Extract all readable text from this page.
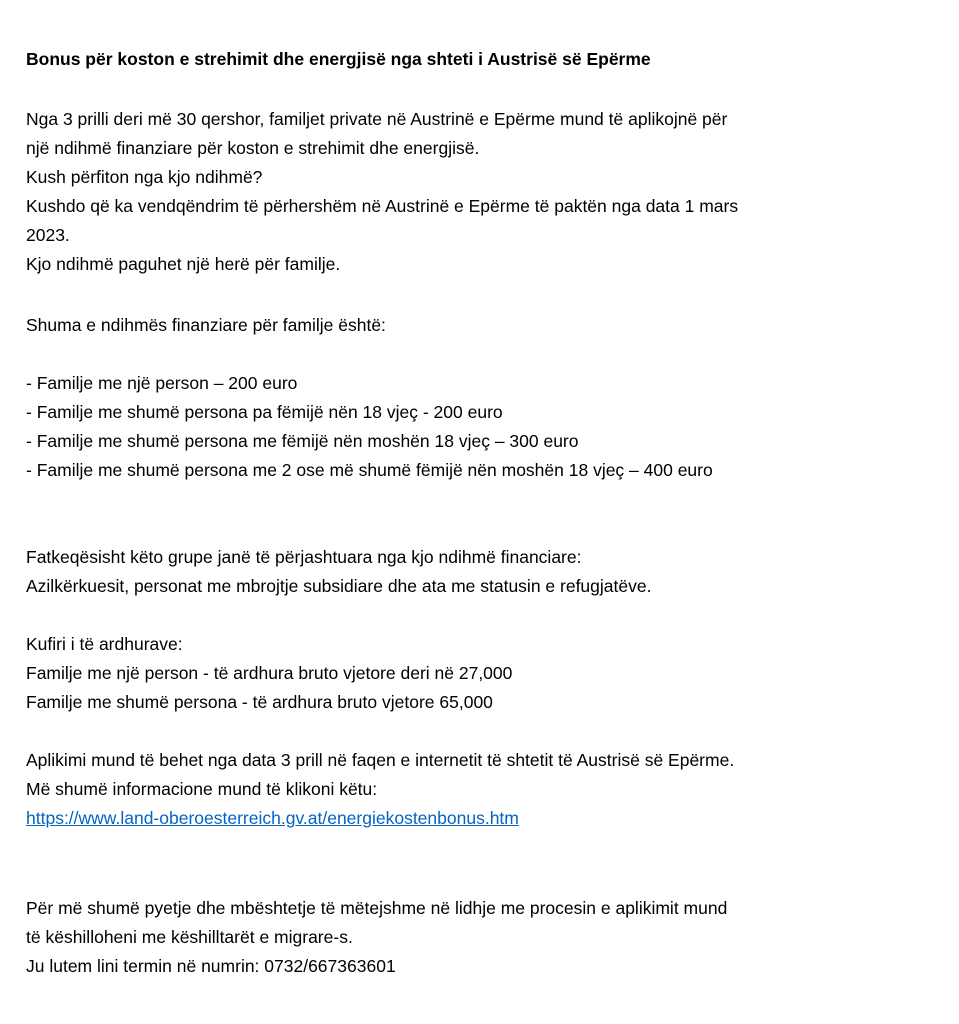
Bonus për koston e strehimit dhe energjisë nga shteti i Austrisë së Epërme
Nga 3 prilli deri më 30 qershor, familjet private në Austrinë e Epërme mund të aplikojnë për
një ndihmë finanziare për koston e strehimit dhe energjisë.
Kush përfiton nga kjo ndihmë?
Kushdo që ka vendqëndrim të përhershëm në Austrinë e Epërme të paktën nga data 1 mars
2023.
Kjo ndihmë paguhet një herë për familje.
Shuma e ndihmës finanziare për familje është:
- Familje me një person – 200 euro
- Familje me shumë persona pa fëmijë nën 18 vjeç - 200 euro
- Familje me shumë persona me fëmijë nën moshën 18 vjeç – 300 euro
- Familje me shumë persona me 2 ose më shumë fëmijë nën moshën 18 vjeç – 400 euro
Fatkeqësisht këto grupe janë të përjashtuara nga kjo ndihmë financiare:
Azilkërkuesit, personat me mbrojtje subsidiare dhe ata me statusin e refugjatëve.
Kufiri i të ardhurave:
Familje me një person - të ardhura bruto vjetore deri në 27,000
Familje me shumë persona - të ardhura bruto vjetore 65,000
Aplikimi mund të behet nga data 3 prill në faqen e internetit të shtetit të Austrisë së Epërme.
Më shumë informacione mund të klikoni këtu:
https://www.land-oberoesterreich.gv.at/energiekostenbonus.htm
Për më shumë pyetje dhe mbështetje të mëtejshme në lidhje me procesin e aplikimit mund
të këshilloheni me këshilltarët e migrare-s.
Ju lutem lini termin në numrin: 0732/667363601
